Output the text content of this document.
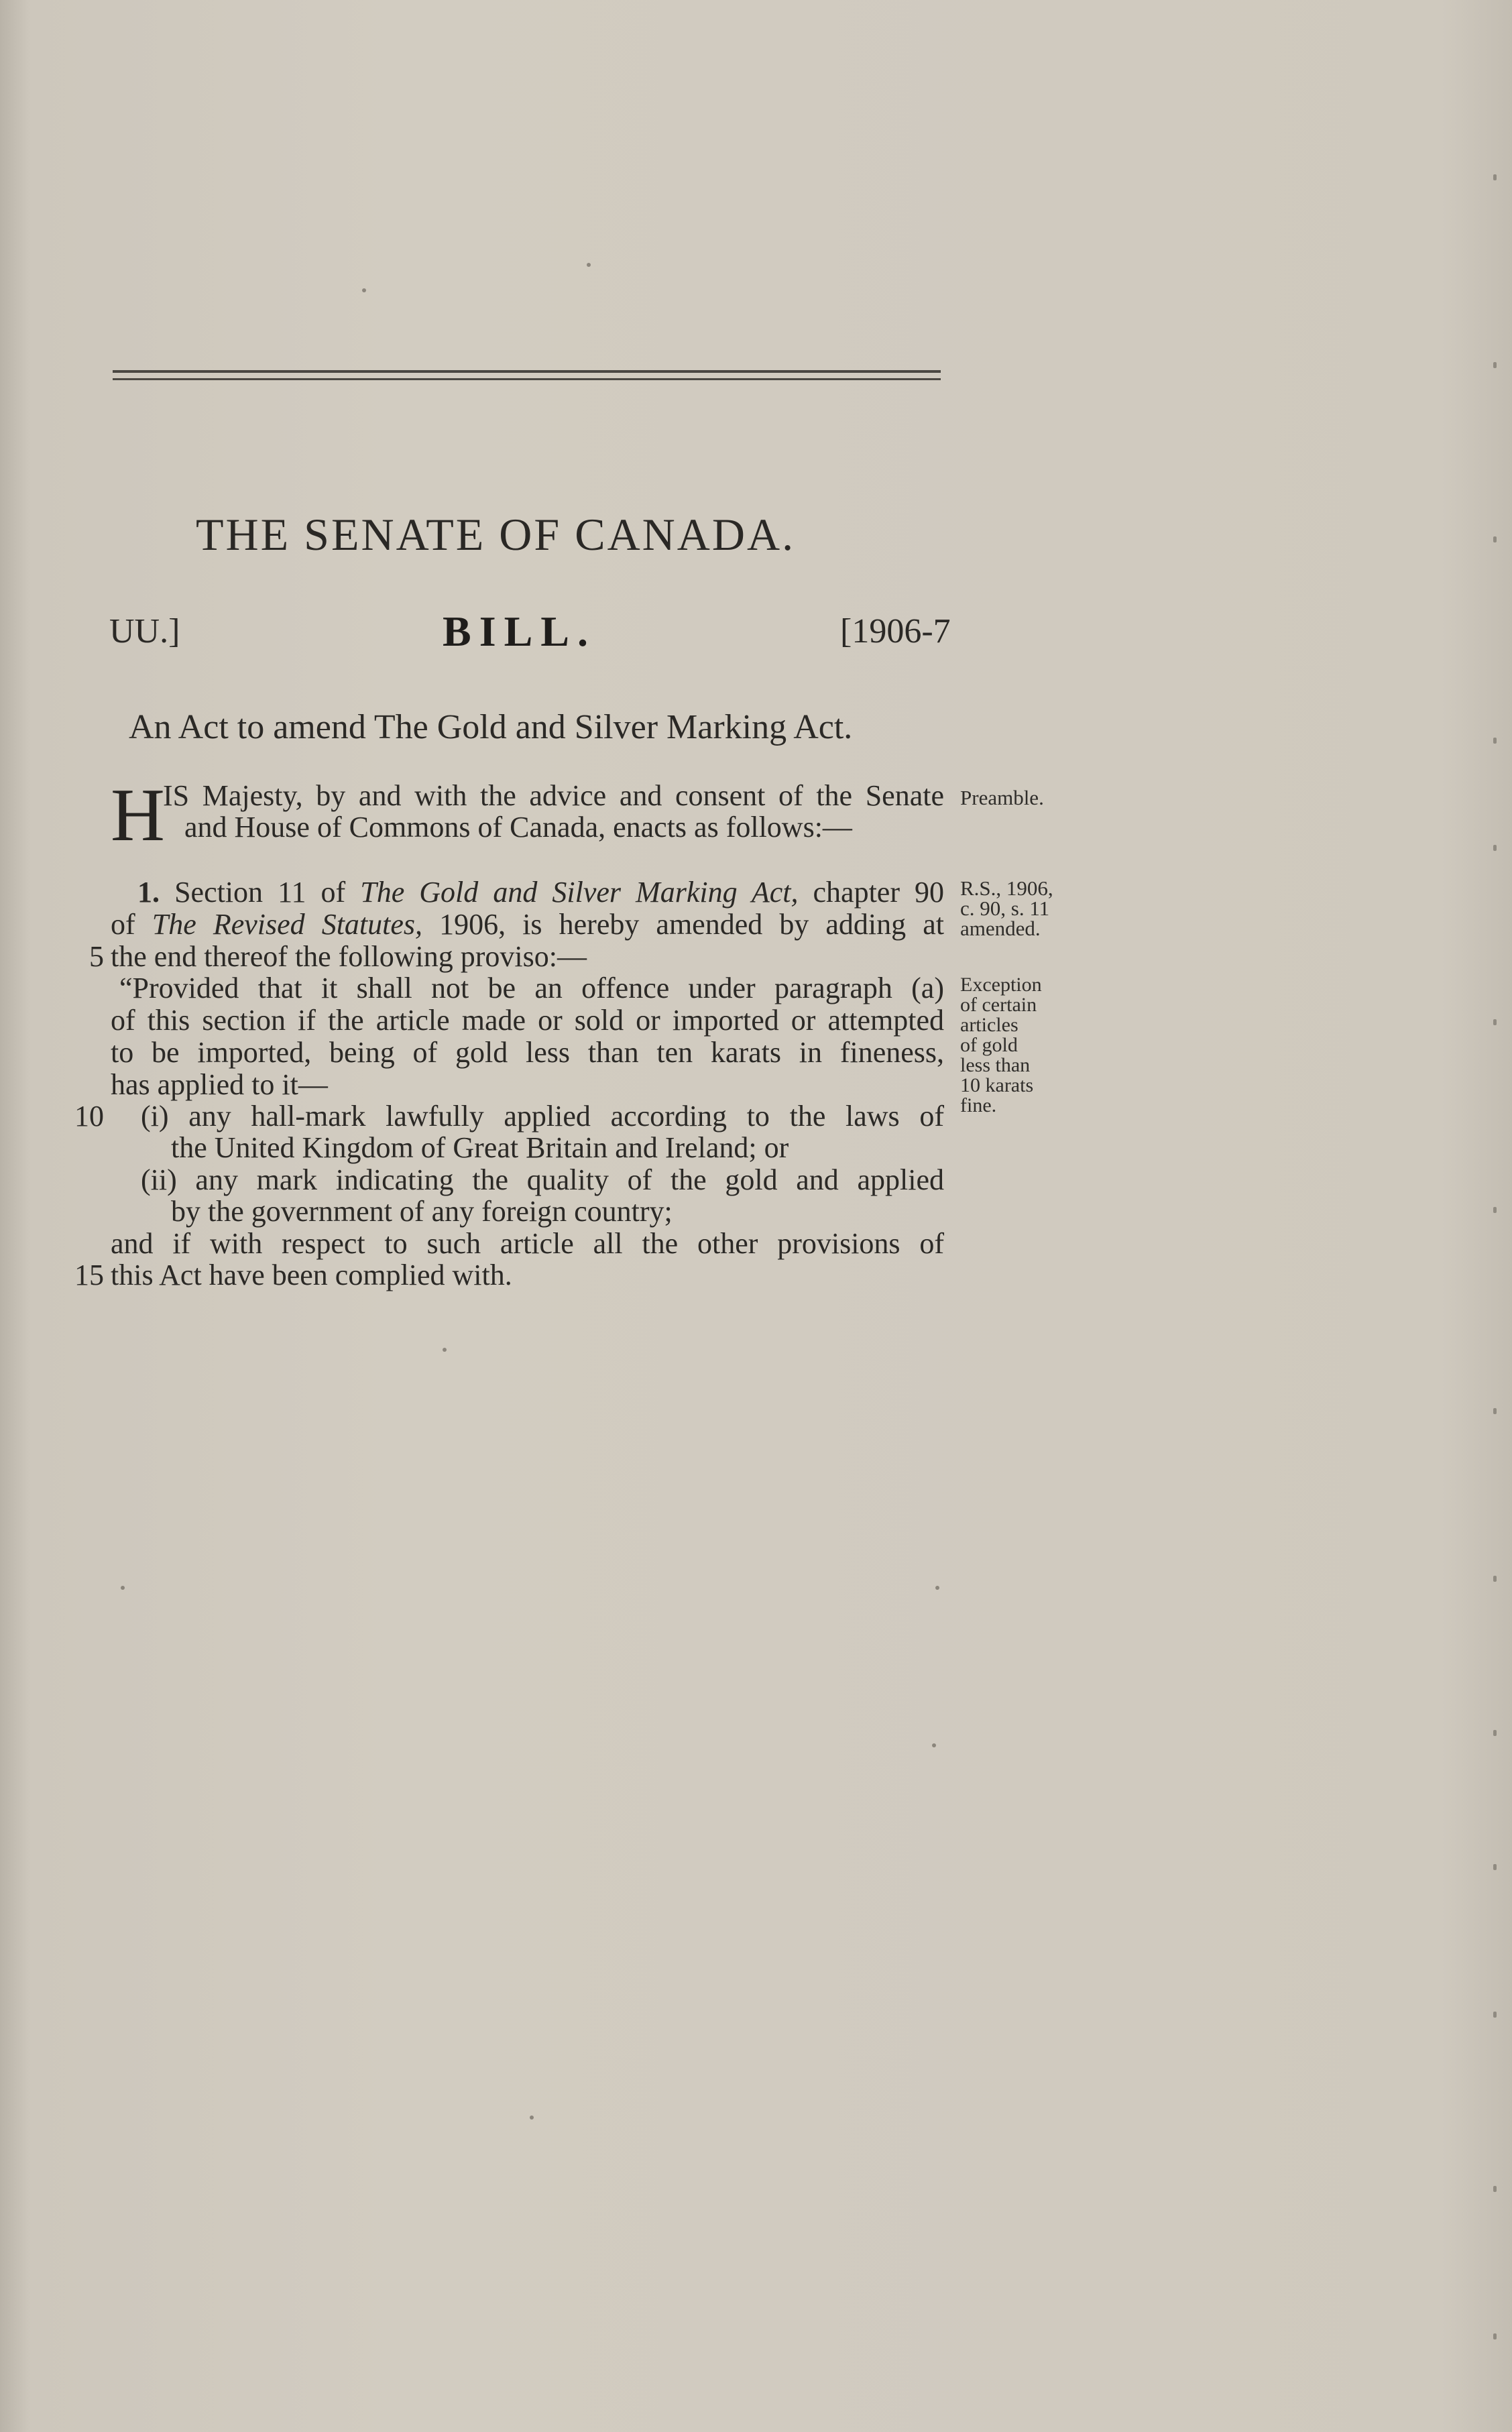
THE SENATE OF CANADA.
UU.]	BILL.	[1906-7
An Act to amend The Gold and Silver Marking Act.
H
IS Majesty, by and with the advice and consent of the Senate
and House of Commons of Canada, enacts as follows:—
Preamble.
1. Section 11 of The Gold and Silver Marking Act, chapter 90
of The Revised Statutes, 1906, is hereby amended by adding at
the end thereof the following proviso:—
“Provided that it shall not be an offence under paragraph (a)
of this section if the article made or sold or imported or attempted
to be imported, being of gold less than ten karats in fineness,
has applied to it—
(i) any hall-mark lawfully applied according to the laws of
the United Kingdom of Great Britain and Ireland; or
(ii) any mark indicating the quality of the gold and applied
by the government of any foreign country;
and if with respect to such article all the other provisions of
this Act have been complied with.
R.S., 1906,
c. 90, s. 11
amended.
Exception
of certain
articles
of gold
less than
10 karats
fine.
5
10
15
